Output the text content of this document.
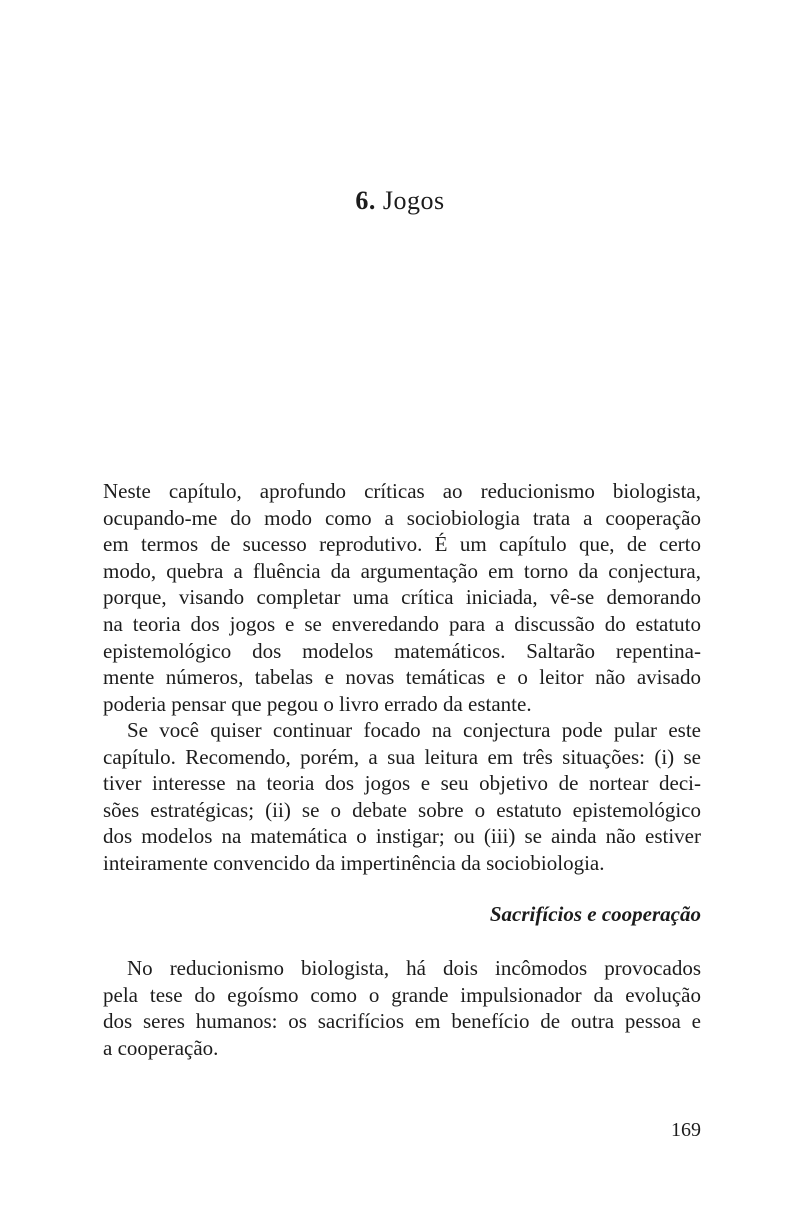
6. Jogos
Neste capítulo, aprofundo críticas ao reducionismo biologista,
ocupando-me do modo como a sociobiologia trata a cooperação
em termos de sucesso reprodutivo. É um capítulo que, de certo
modo, quebra a fluência da argumentação em torno da conjectura,
porque, visando completar uma crítica iniciada, vê-se demorando
na teoria dos jogos e se enveredando para a discussão do estatuto
epistemológico dos modelos matemáticos. Saltarão repentina-
mente números, tabelas e novas temáticas e o leitor não avisado
poderia pensar que pegou o livro errado da estante.
Se você quiser continuar focado na conjectura pode pular este
capítulo. Recomendo, porém, a sua leitura em três situações: (i) se
tiver interesse na teoria dos jogos e seu objetivo de nortear deci-
sões estratégicas; (ii) se o debate sobre o estatuto epistemológico
dos modelos na matemática o instigar; ou (iii) se ainda não estiver
inteiramente convencido da impertinência da sociobiologia.
Sacrifícios e cooperação
No reducionismo biologista, há dois incômodos provocados
pela tese do egoísmo como o grande impulsionador da evolução
dos seres humanos: os sacrifícios em benefício de outra pessoa e
a cooperação.
169
